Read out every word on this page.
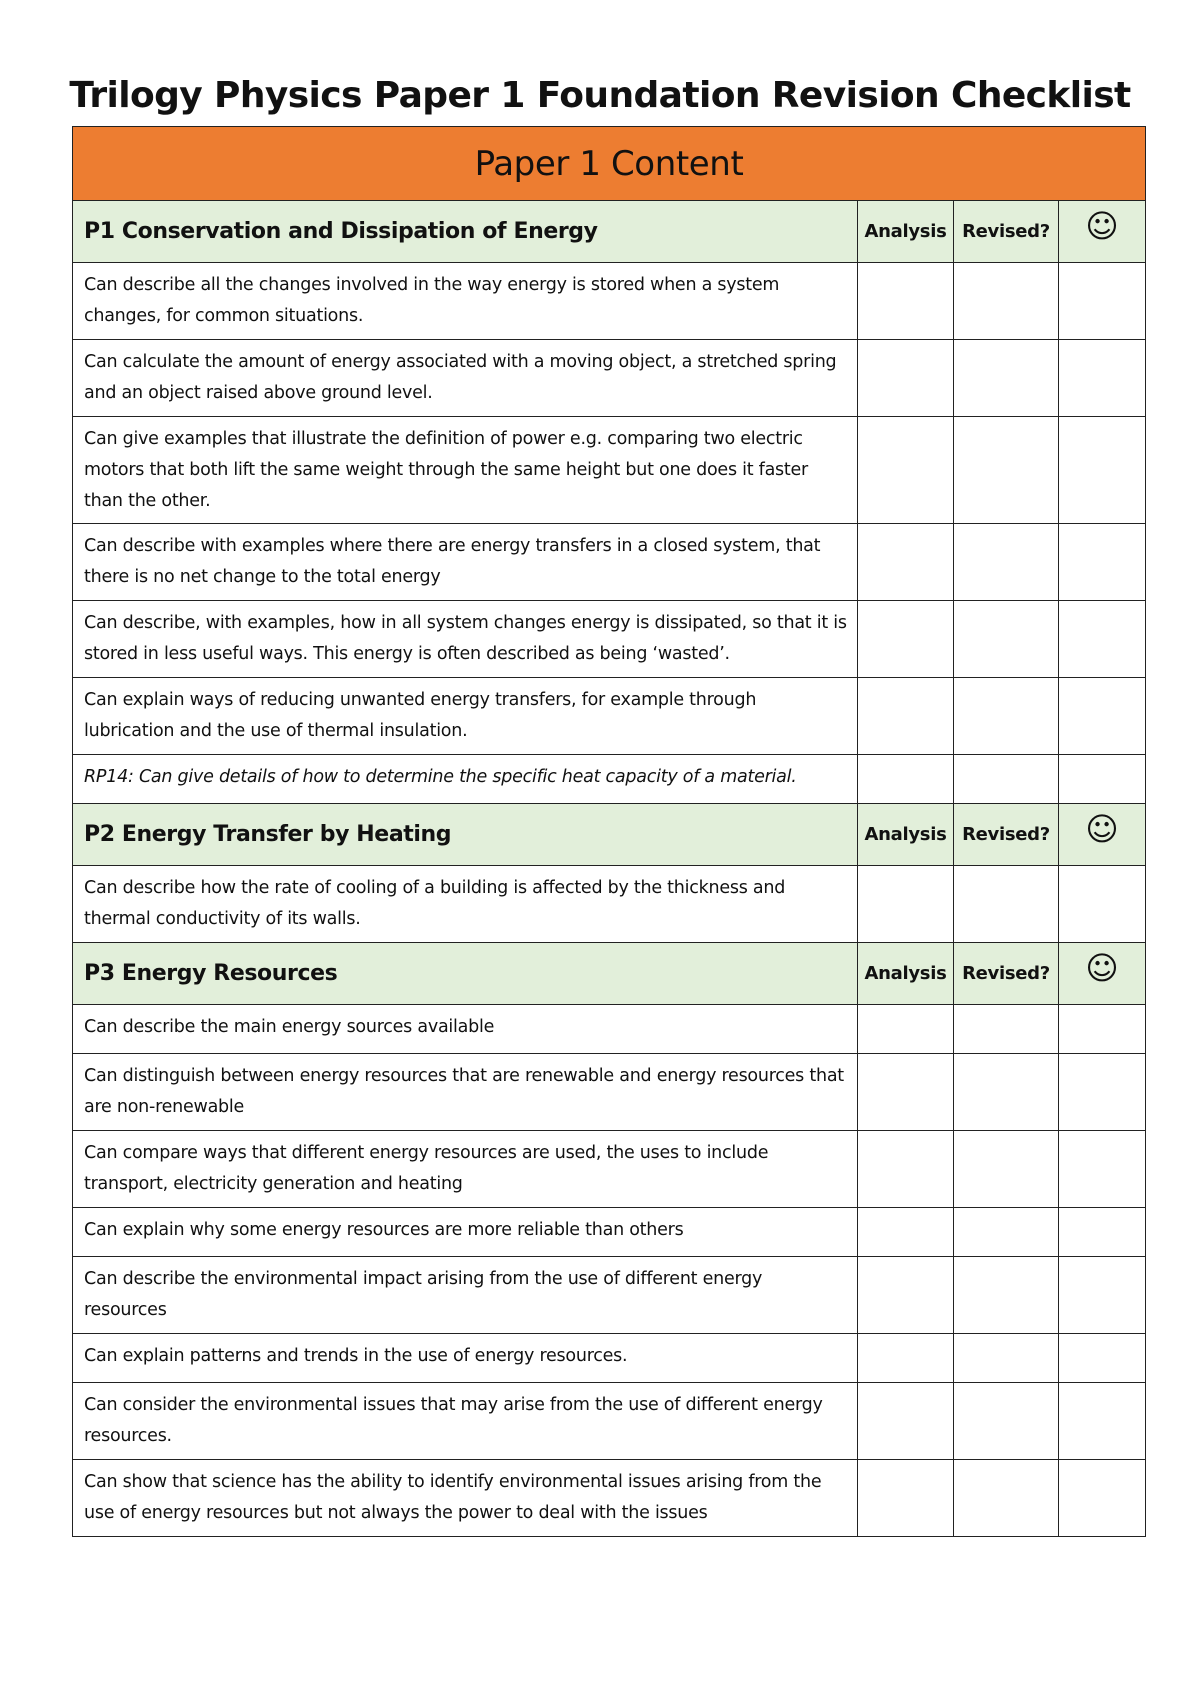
Trilogy Physics Paper 1 Foundation Revision Checklist
Paper 1 Content			
P1 Conservation and Dissipation of Energy	Analysis	Revised?	☺
Can describe all the changes involved in the way energy is stored when a system changes, for common situations.			
Can calculate the amount of energy associated with a moving object, a stretched spring and an object raised above ground level.			
Can give examples that illustrate the definition of power e.g. comparing two electric motors that both lift the same weight through the same height but one does it faster than the other.			
Can describe with examples where there are energy transfers in a closed system, that there is no net change to the total energy			
Can describe, with examples, how in all system changes energy is dissipated, so that it is stored in less useful ways. This energy is often described as being ‘wasted’.			
Can explain ways of reducing unwanted energy transfers, for example through lubrication and the use of thermal insulation.			
RP14: Can give details of how to determine the specific heat capacity of a material.			
P2 Energy Transfer by Heating	Analysis	Revised?	☺
Can describe how the rate of cooling of a building is affected by the thickness and thermal conductivity of its walls.			
P3 Energy Resources	Analysis	Revised?	☺
Can describe the main energy sources available			
Can distinguish between energy resources that are renewable and energy resources that are non-renewable			
Can compare ways that different energy resources are used, the uses to include transport, electricity generation and heating			
Can explain why some energy resources are more reliable than others			
Can describe the environmental impact arising from the use of different energy resources			
Can explain patterns and trends in the use of energy resources.			
Can consider the environmental issues that may arise from the use of different energy resources.			
Can show that science has the ability to identify environmental issues arising from the use of energy resources but not always the power to deal with the issues			
